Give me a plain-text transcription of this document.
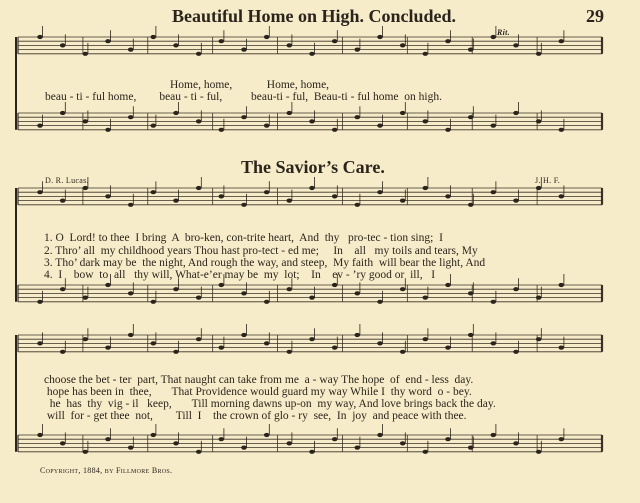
Beautiful Home on High. Concluded.	29
Rit.
Home, home,            Home, home,
beau - ti - ful home,        beau - ti - ful,          beau-ti - ful,  Beau-ti - ful home  on high.
The Savior’s Care.
D. R. Lucas.	J. H. F.
1. O  Lord! to thee  I bring  A  bro-ken, con-trite heart,  And  thy   pro-tec - tion sing;  I
2. Thro’ all  my childhood years Thou hast pro-tect - ed me;     In    all   my toils and tears, My
3. Tho’ dark may be  the night, And rough the way, and steep,  My faith  will bear the light, And
4.  I    bow  to  all   thy will, What-e’er may be  my  lot;    In    ev - ’ry good or  ill,   I
choose the bet - ter  part, That naught can take from me  a - way The hope  of  end - less  day.
hope has been in  thee,       That Providence would guard my way While I  thy word  o - bey.
he  has  thy  vig - il   keep,       Till morning dawns up-on  my way, And love brings back the day.
will  for - get thee  not,        Till  I    the crown of glo - ry  see,  In  joy  and peace with thee.
Copyright, 1884, by Fillmore Bros.
